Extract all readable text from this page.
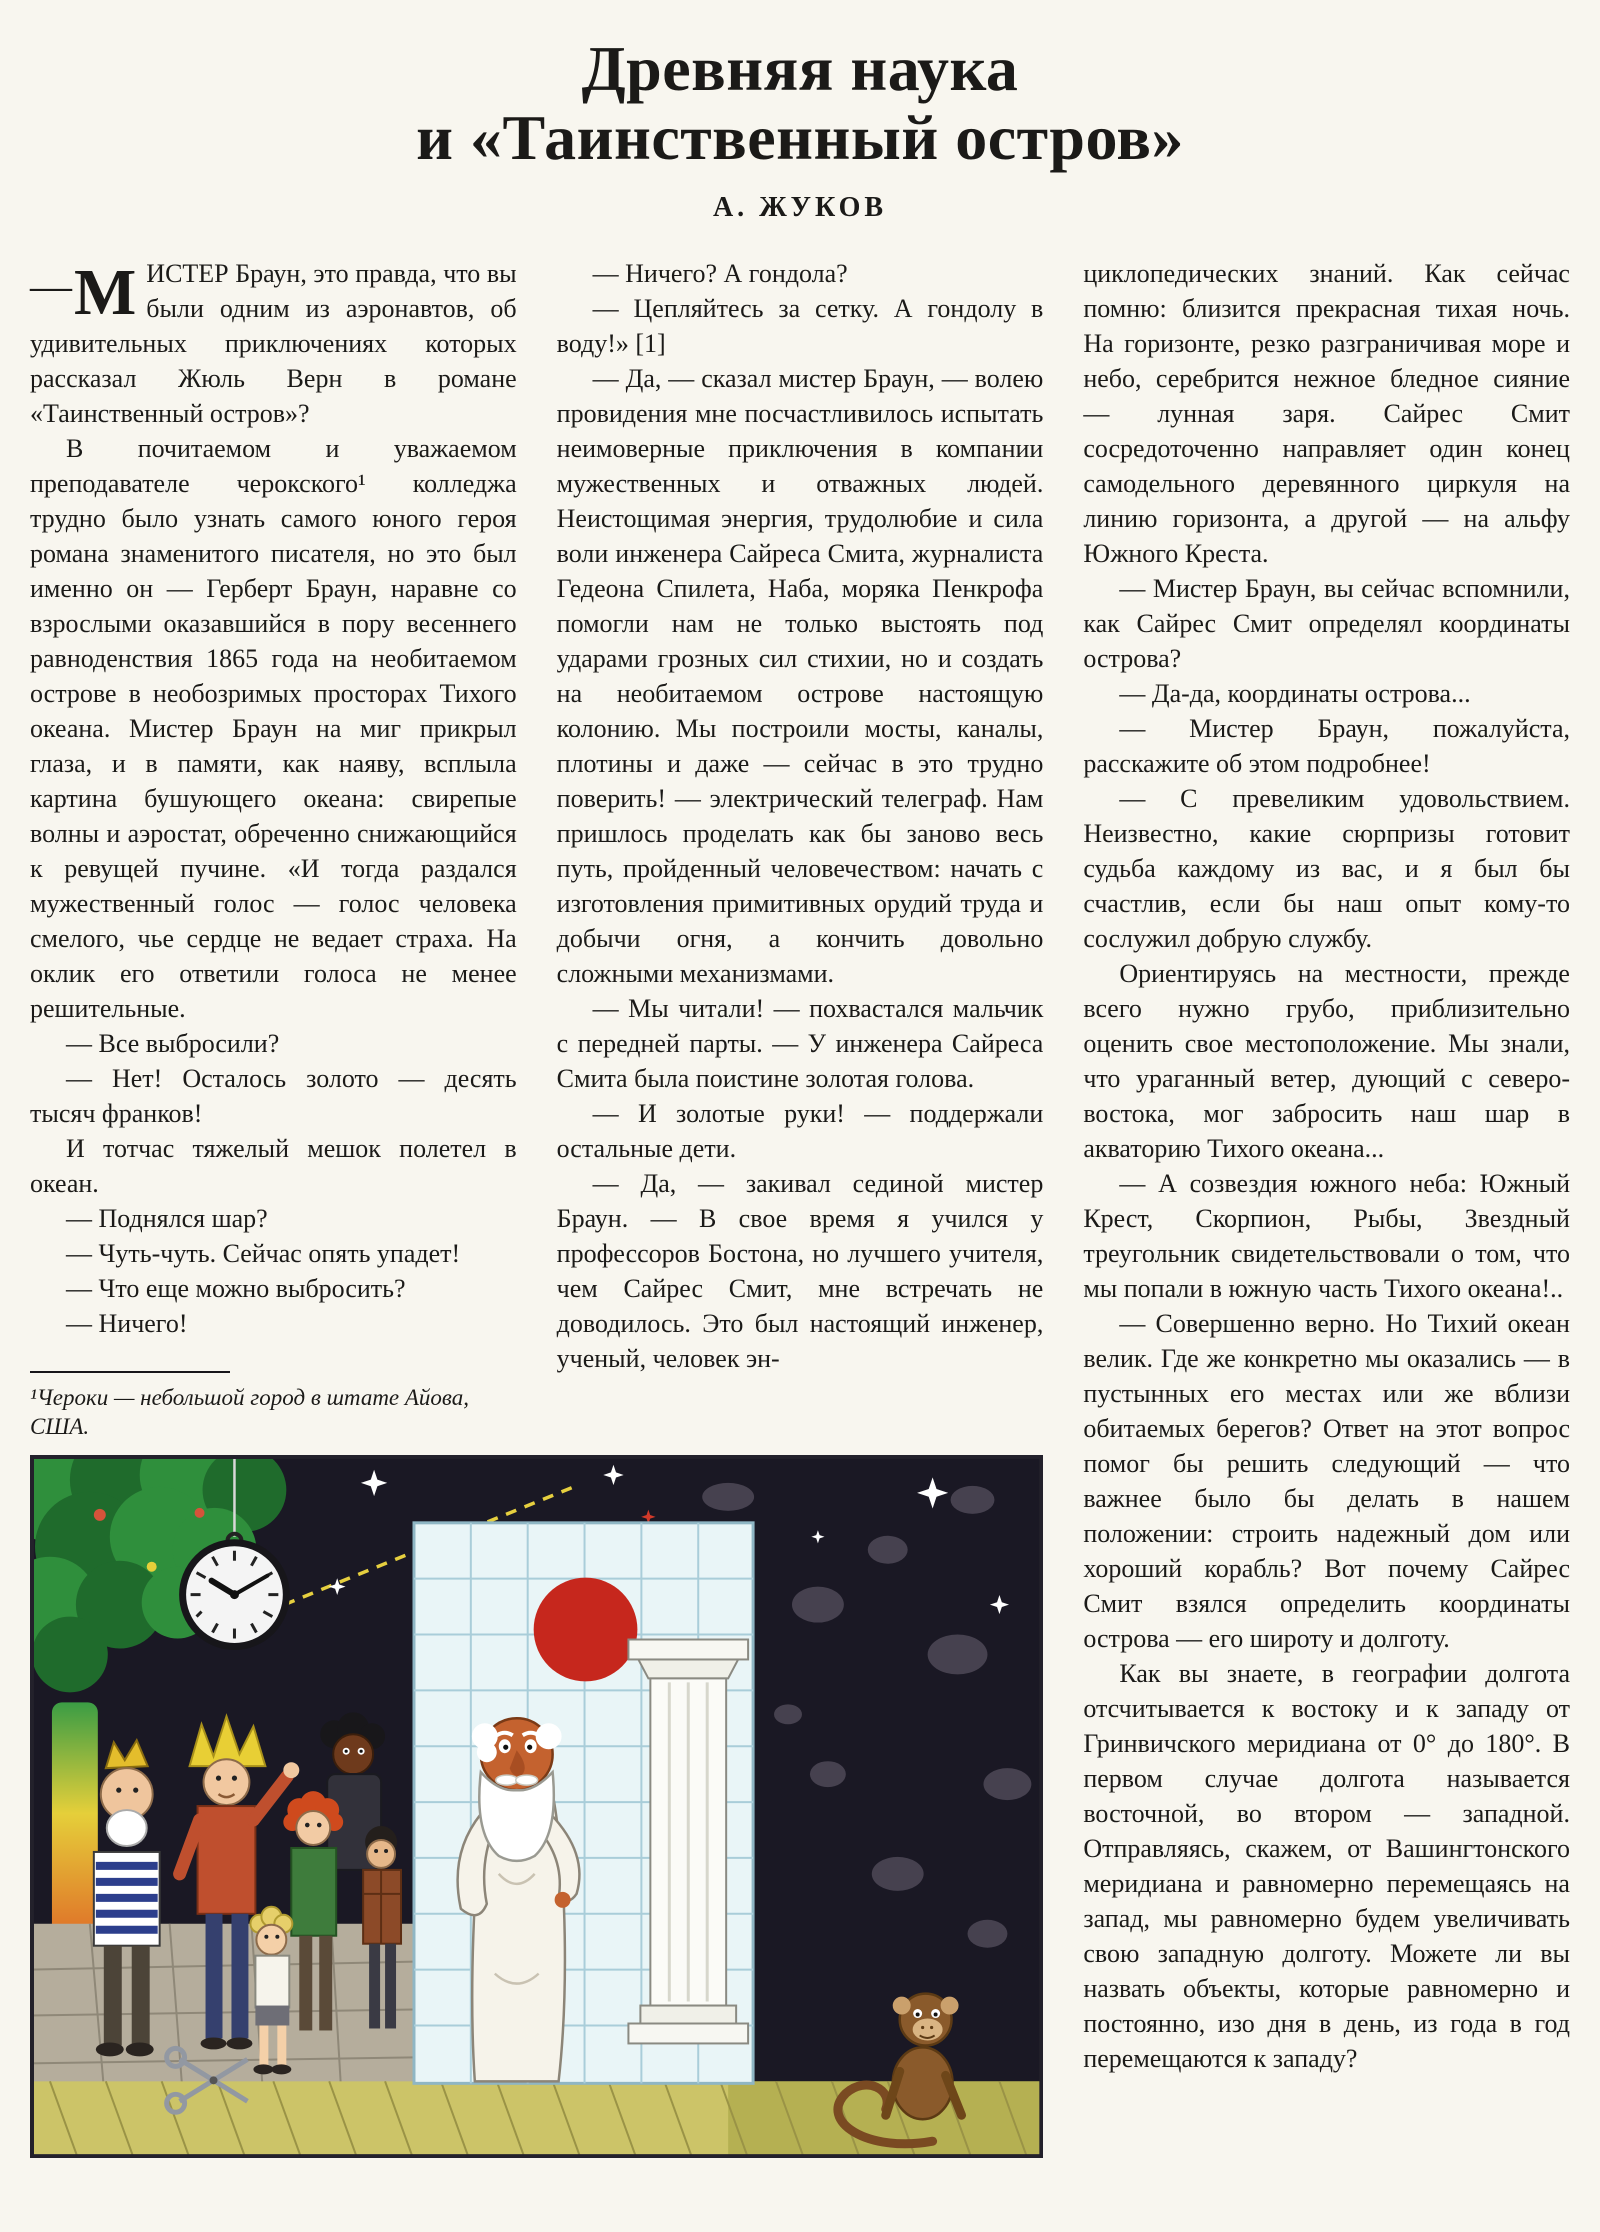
Древняя наука
и «Таинственный остров»
А. ЖУКОВ

—М ИСТЕР Браун, это правда, что вы были одним из аэронавтов, об удивительных приключениях которых рассказал Жюль Верн в романе «Таинственный остров»?

В почитаемом и уважаемом преподавателе черокского¹ колледжа трудно было узнать самого юного героя романа знаменитого писателя, но это был именно он — Герберт Браун, наравне со взрослыми оказавшийся в пору весеннего равноденствия 1865 года на необитаемом острове в необозримых просторах Тихого океана. Мистер Браун на миг прикрыл глаза, и в памяти, как наяву, всплыла картина бушующего океана: свирепые волны и аэростат, обреченно снижающийся к ревущей пучине. «И тогда раздался мужественный голос — голос человека смелого, чье сердце не ведает страха. На оклик его ответили голоса не менее решительные.

— Все выбросили?

— Нет! Осталось золото — десять тысяч франков!

И тотчас тяжелый мешок полетел в океан.

— Поднялся шар?

— Чуть-чуть. Сейчас опять упадет!

— Что еще можно выбросить?

— Ничего!

¹Чероки — небольшой город в штате Айова, США.

— Ничего? А гондола?

— Цепляйтесь за сетку. А гондолу в воду!» [1]

— Да, — сказал мистер Браун, — волею провидения мне посчастливилось испытать неимоверные приключения в компании мужественных и отважных людей. Неистощимая энергия, трудолюбие и сила воли инженера Сайреса Смита, журналиста Гедеона Спилета, Наба, моряка Пенкрофа помогли нам не только выстоять под ударами грозных сил стихии, но и создать на необитаемом острове настоящую колонию. Мы построили мосты, каналы, плотины и даже — сейчас в это трудно поверить! — электрический телеграф. Нам пришлось проделать как бы заново весь путь, пройденный человечеством: начать с изготовления примитивных орудий труда и добычи огня, а кончить довольно сложными механизмами.

— Мы читали! — похвастался мальчик с передней парты. — У инженера Сайреса Смита была поистине золотая голова.

— И золотые руки! — поддержали остальные дети.

— Да, — закивал сединой мистер Браун. — В свое время я учился у профессоров Бостона, но лучшего учителя, чем Сайрес Смит, мне встречать не доводилось. Это был настоящий инженер, ученый, человек эн-

циклопедических знаний. Как сейчас помню: близится прекрасная тихая ночь. На горизонте, резко разграничивая море и небо, серебрится нежное бледное сияние — лунная заря. Сайрес Смит сосредоточенно направляет один конец самодельного деревянного циркуля на линию горизонта, а другой — на альфу Южного Креста.

— Мистер Браун, вы сейчас вспомнили, как Сайрес Смит определял координаты острова?

— Да-да, координаты острова...

— Мистер Браун, пожалуйста, расскажите об этом подробнее!

— С превеликим удовольствием. Неизвестно, какие сюрпризы готовит судьба каждому из вас, и я был бы счастлив, если бы наш опыт кому-то сослужил добрую службу.

Ориентируясь на местности, прежде всего нужно грубо, приблизительно оценить свое местоположение. Мы знали, что ураганный ветер, дующий с северо-востока, мог забросить наш шар в акваторию Тихого океана...

— А созвездия южного неба: Южный Крест, Скорпион, Рыбы, Звездный треугольник свидетельствовали о том, что мы попали в южную часть Тихого океана!..

— Совершенно верно. Но Тихий океан велик. Где же конкретно мы оказались — в пустынных его местах или же вблизи обитаемых берегов? Ответ на этот вопрос помог бы решить следующий — что важнее было бы делать в нашем положении: строить надежный дом или хороший корабль? Вот почему Сайрес Смит взялся определить координаты острова — его широту и долготу.

Как вы знаете, в географии долгота отсчитывается к востоку и к западу от Гринвичского меридиана от 0° до 180°. В первом случае долгота называется восточной, во втором — западной. Отправляясь, скажем, от Вашингтонского меридиана и равномерно перемещаясь на запад, мы равномерно будем увеличивать свою западную долготу. Можете ли вы назвать объекты, которые равномерно и постоянно, изо дня в день, из года в год перемещаются к западу?
